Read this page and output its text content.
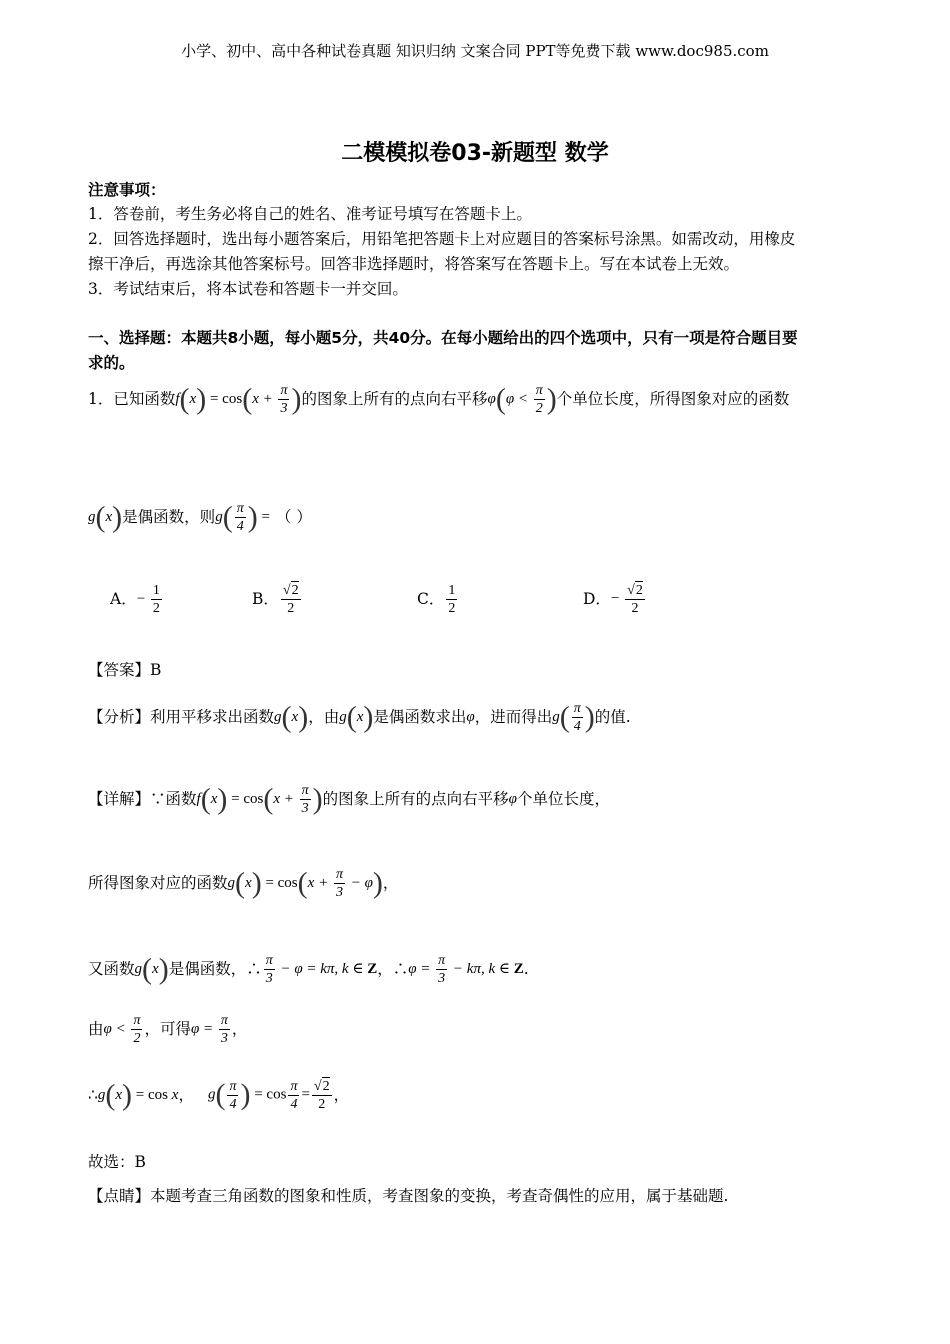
小学、初中、高中各种试卷真题 知识归纳 文案合同 PPT等免费下载 www.doc985.com
二模模拟卷03-新题型 数学
注意事项：
1．答卷前，考生务必将自己的姓名、准考证号填写在答题卡上。
2．回答选择题时，选出每小题答案后，用铅笔把答题卡上对应题目的答案标号涂黑。如需改动，用橡皮
擦干净后，再选涂其他答案标号。回答非选择题时，将答案写在答题卡上。写在本试卷上无效。
3．考试结束后，将本试卷和答题卡一并交回。
一、选择题：本题共8小题，每小题5分，共40分。在每小题给出的四个选项中，只有一项是符合题目要
求的。
1．已知函数 $f(x) = \cos(x + \frac{\pi}{3}$ ) 的图象上所有的点向右平移 $\varphi(\varphi < \frac{\pi}{2}$ ) 个单位长度，所得图象对应的函数
g(x) 是偶函数，则 $g( \frac{\pi}{4}$ ) = （ ）
A． − $\frac{1}{2}$	B． $\frac{√2}{2}$	C． $\frac{1}{2}$	D． − $\frac{√2}{2}$
【答案】B
【分析】 利用平移求出函数 g(x) ，由 g(x) 是偶函数求出 φ ，进而得出 $g( \frac{\pi}{4}$ ) 的值.
【详解】 ∵函数 $f(x) = \cos(x + \frac{\pi}{3}$ ) 的图象上所有的点向右平移 φ 个单位长度，
所得图象对应的函数 $g(x) = \cos(x + \frac{\pi}{3} - \varphi)$ ，
又函数 g(x) 是偶函数，∴ $\frac{\pi}{3} - \varphi = k\pi$, k ∈ Z ，∴ $\varphi = \frac{\pi}{3} - k\pi$, k ∈ Z .
由 $\varphi < \frac{\pi}{2}$ ，可得 $\varphi = \frac{\pi}{3}$ ，
∴ g(x) = cos x ， $g( \frac{\pi}{4}$ ) = $\cos \frac{\pi}{4} = \frac{√2}{2}$ ，
故选：B
【点睛】本题考查三角函数的图象和性质，考查图象的变换，考查奇偶性的应用，属于基础题.
